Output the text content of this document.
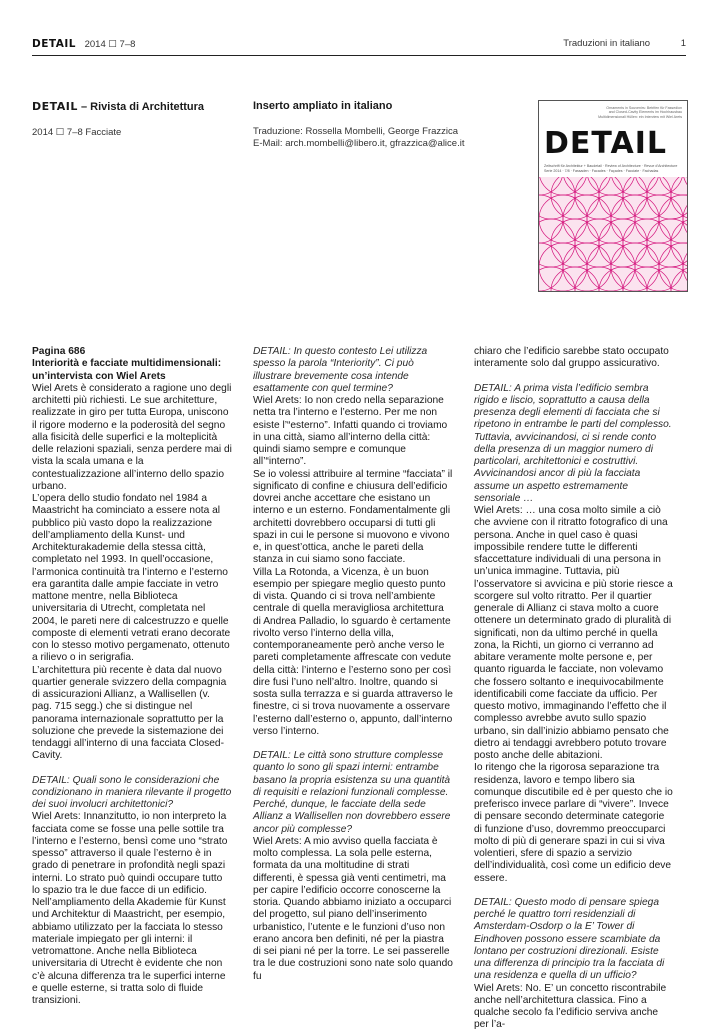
DETAIL 2014 ☐ 7–8	Traduzioni in italiano	1
DETAIL – Rivista di Architettura
2014 ☐ 7–8 Facciate
Inserto ampliato in italiano
Traduzione: Rossella Mombelli, George Frazzica
E-Mail: arch.mombelli@libero.it, gfrazzica@alice.it
Ornaments in Souvenirs: Betrifen für Fassedion
and Closed-Cavity Elements im Hochhausbau
Multidimensionali Hüllen: ein Interview mit Wiel Arets
DETAIL
Zeitschrift für Architektur + Baudetail · Review of Architecture · Revue d’Architecture
Serie 2014 · 7/8 · Fassaden · Facades · Façades · Facciate · Fachadas

Pagina 686

Interiorità e facciate multidimensionali: un’intervista con Wiel Arets

Wiel Arets è considerato a ragione uno degli architetti più richiesti. Le sue architetture, realizzate in giro per tutta Europa, uniscono il rigore moderno e la poderosità del segno alla fisicità delle superfici e la molteplicità delle relazioni spaziali, senza perdere mai di vista la scala umana e la contestualizzazione all’interno dello spazio urbano.

L’opera dello studio fondato nel 1984 a Maastricht ha cominciato a essere nota al pubblico più vasto dopo la realizzazione dell’ampliamento della Kunst- und Architekturakademie della stessa città, completato nel 1993. In quell’occasione, l’armonica continuità tra l’interno e l’esterno era garantita dalle ampie facciate in vetro mattone mentre, nella Biblioteca universitaria di Utrecht, completata nel 2004, le pareti nere di calcestruzzo e quelle composte di elementi vetrati erano decorate con lo stesso motivo pergamenato, ottenuto a rilievo o in serigrafia.

L’architettura più recente è data dal nuovo quartier generale svizzero della compagnia di assicurazioni Allianz, a Wallisellen (v. pag. 715 segg.) che si distingue nel panorama internazionale soprattutto per la soluzione che prevede la sistemazione dei tendaggi all’interno di una facciata Closed-Cavity.

DETAIL: Quali sono le considerazioni che condizionano in maniera rilevante il progetto dei suoi involucri architettonici?

Wiel Arets: Innanzitutto, io non interpreto la facciata come se fosse una pelle sottile tra l’interno e l’esterno, bensì come uno “strato spesso” attraverso il quale l’esterno è in grado di penetrare in profondità negli spazi interni. Lo strato può quindi occupare tutto lo spazio tra le due facce di un edificio.

Nell’ampliamento della Akademie für Kunst und Architektur di Maastricht, per esempio, abbiamo utilizzato per la facciata lo stesso materiale impiegato per gli interni: il vetromattone. Anche nella Biblioteca universitaria di Utrecht è evidente che non c’è alcuna differenza tra le superfici interne e quelle esterne, si tratta solo di fluide transizioni.

DETAIL: In questo contesto Lei utilizza spesso la parola “Interiority”. Ci può illustrare brevemente cosa intende esattamente con quel termine?

Wiel Arets: Io non credo nella separazione netta tra l’interno e l’esterno. Per me non esiste l’“esterno”. Infatti quando ci troviamo in una città, siamo all’interno della città: quindi siamo sempre e comunque all’“interno”.

Se io volessi attribuire al termine “facciata” il significato di confine e chiusura dell’edificio dovrei anche accettare che esistano un interno e un esterno. Fondamentalmente gli architetti dovrebbero occuparsi di tutti gli spazi in cui le persone si muovono e vivono e, in quest’ottica, anche le pareti della stanza in cui siamo sono facciate.

Villa La Rotonda, a Vicenza, è un buon esempio per spiegare meglio questo punto di vista. Quando ci si trova nell’ambiente centrale di quella meravigliosa architettura di Andrea Palladio, lo sguardo è certamente rivolto verso l’interno della villa, contemporaneamente però anche verso le pareti completamente affrescate con vedute della città: l’interno e l’esterno sono per così dire fusi l’uno nell’altro. Inoltre, quando si sosta sulla terrazza e si guarda attraverso le finestre, ci si trova nuovamente a osservare l’esterno dall’esterno o, appunto, dall’interno verso l’interno.

DETAIL: Le città sono strutture complesse quanto lo sono gli spazi interni: entrambe basano la propria esistenza su una quantità di requisiti e relazioni funzionali complesse. Perché, dunque, le facciate della sede Allianz a Wallisellen non dovrebbero essere ancor più complesse?

Wiel Arets: A mio avviso quella facciata è molto complessa. La sola pelle esterna, formata da una moltitudine di strati differenti, è spessa già venti centimetri, ma per capire l’edificio occorre conoscerne la storia. Quando abbiamo iniziato a occuparci del progetto, sul piano dell’inserimento urbanistico, l’utente e le funzioni d’uso non erano ancora ben definiti, né per la piastra di sei piani né per la torre. Le sei passerelle tra le due costruzioni sono nate solo quando fu

chiaro che l’edificio sarebbe stato occupato interamente solo dal gruppo assicurativo.

DETAIL: A prima vista l’edificio sembra rigido e liscio, soprattutto a causa della presenza degli elementi di facciata che si ripetono in entrambe le parti del complesso. Tuttavia, avvicinandosi, ci si rende conto della presenza di un maggior numero di particolari, architettonici e costruttivi. Avvicinandosi ancor di più la facciata assume un aspetto estremamente sensoriale …

Wiel Arets: … una cosa molto simile a ciò che avviene con il ritratto fotografico di una persona. Anche in quel caso è quasi impossibile rendere tutte le differenti sfaccettature individuali di una persona in un’unica immagine. Tuttavia, più l’osservatore si avvicina e più storie riesce a scorgere sul volto ritratto. Per il quartier generale di Allianz ci stava molto a cuore ottenere un determinato grado di pluralità di significati, non da ultimo perché in quella zona, la Richti, un giorno ci verranno ad abitare veramente molte persone e, per quanto riguarda le facciate, non volevamo che fossero soltanto e inequivocabilmente identificabili come facciate da ufficio. Per questo motivo, immaginando l’effetto che il complesso avrebbe avuto sullo spazio urbano, sin dall’inizio abbiamo pensato che dietro ai tendaggi avrebbero potuto trovare posto anche delle abitazioni.

Io ritengo che la rigorosa separazione tra residenza, lavoro e tempo libero sia comunque discutibile ed è per questo che io preferisco invece parlare di “vivere”. Invece di pensare secondo determinate categorie di funzione d’uso, dovremmo preoccuparci molto di più di generare spazi in cui si viva volentieri, sfere di spazio a servizio dell’individualità, così come un edificio deve essere.

DETAIL: Questo modo di pensare spiega perché le quattro torri residenziali di Amsterdam-Osdorp o la E’ Tower di Eindhoven possono essere scambiate da lontano per costruzioni direzionali. Esiste una differenza di principio tra la facciata di una residenza e quella di un ufficio?

Wiel Arets: No. E’ un concetto riscontrabile anche nell’architettura classica. Fino a qualche secolo fa l’edificio serviva anche per l’a-
